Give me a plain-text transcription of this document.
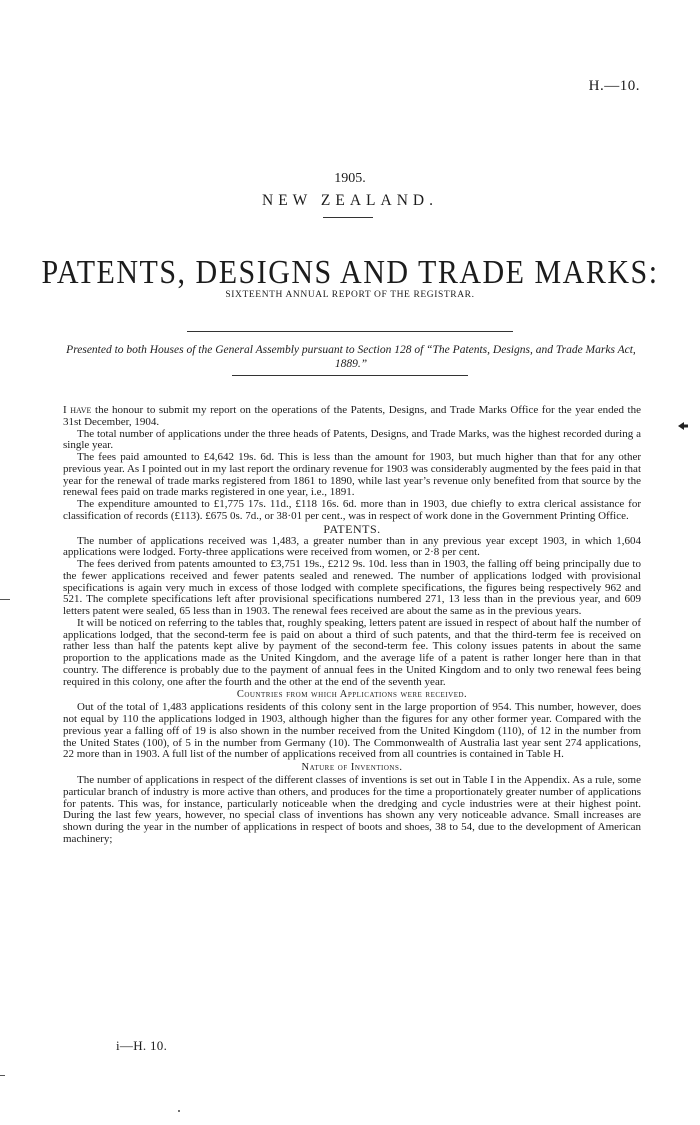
H.—10.
1905.
NEW ZEALAND.
PATENTS, DESIGNS AND TRADE MARKS:
SIXTEENTH ANNUAL REPORT OF THE REGISTRAR.
Presented to both Houses of the General Assembly pursuant to Section 128 of “The Patents, Designs, and Trade Marks Act, 1889.”

I have the honour to submit my report on the operations of the Patents, Designs, and Trade Marks Office for the year ended the 31st December, 1904.

The total number of applications under the three heads of Patents, Designs, and Trade Marks, was the highest recorded during a single year.

The fees paid amounted to £4,642 19s. 6d. This is less than the amount for 1903, but much higher than that for any other previous year. As I pointed out in my last report the ordinary revenue for 1903 was considerably augmented by the fees paid in that year for the renewal of trade marks registered from 1861 to 1890, while last year’s revenue only benefited from that source by the renewal fees paid on trade marks registered in one year, i.e., 1891.

The expenditure amounted to £1,775 17s. 11d., £118 16s. 6d. more than in 1903, due chiefly to extra clerical assistance for classification of records (£113). £675 0s. 7d., or 38·01 per cent., was in respect of work done in the Government Printing Office.

PATENTS.

The number of applications received was 1,483, a greater number than in any previous year except 1903, in which 1,604 applications were lodged. Forty-three applications were received from women, or 2·8 per cent.

The fees derived from patents amounted to £3,751 19s., £212 9s. 10d. less than in 1903, the falling off being principally due to the fewer applications received and fewer patents sealed and renewed. The number of applications lodged with provisional specifications is again very much in excess of those lodged with complete specifications, the figures being respectively 962 and 521. The complete specifications left after provisional specifications numbered 271, 13 less than in the previous year, and 609 letters patent were sealed, 65 less than in 1903. The renewal fees received are about the same as in the previous years.

It will be noticed on referring to the tables that, roughly speaking, letters patent are issued in respect of about half the number of applications lodged, that the second-term fee is paid on about a third of such patents, and that the third-term fee is received on rather less than half the patents kept alive by payment of the second-term fee. This colony issues patents in about the same proportion to the applications made as the United Kingdom, and the average life of a patent is rather longer here than in that country. The difference is probably due to the payment of annual fees in the United Kingdom and to only two renewal fees being required in this colony, one after the fourth and the other at the end of the seventh year.

Countries from which Applications were received.

Out of the total of 1,483 applications residents of this colony sent in the large proportion of 954. This number, however, does not equal by 110 the applications lodged in 1903, although higher than the figures for any other former year. Compared with the previous year a falling off of 19 is also shown in the number received from the United Kingdom (110), of 12 in the number from the United States (100), of 5 in the number from Germany (10). The Commonwealth of Australia last year sent 274 applications, 22 more than in 1903. A full list of the number of applications received from all countries is contained in Table H.

Nature of Inventions.

The number of applications in respect of the different classes of inventions is set out in Table I in the Appendix. As a rule, some particular branch of industry is more active than others, and produces for the time a proportionately greater number of applications for patents. This was, for instance, particularly noticeable when the dredging and cycle industries were at their highest point. During the last few years, however, no special class of inventions has shown any very noticeable advance. Small increases are shown during the year in the number of applications in respect of boots and shoes, 38 to 54, due to the development of American machinery;

i—H. 10.
